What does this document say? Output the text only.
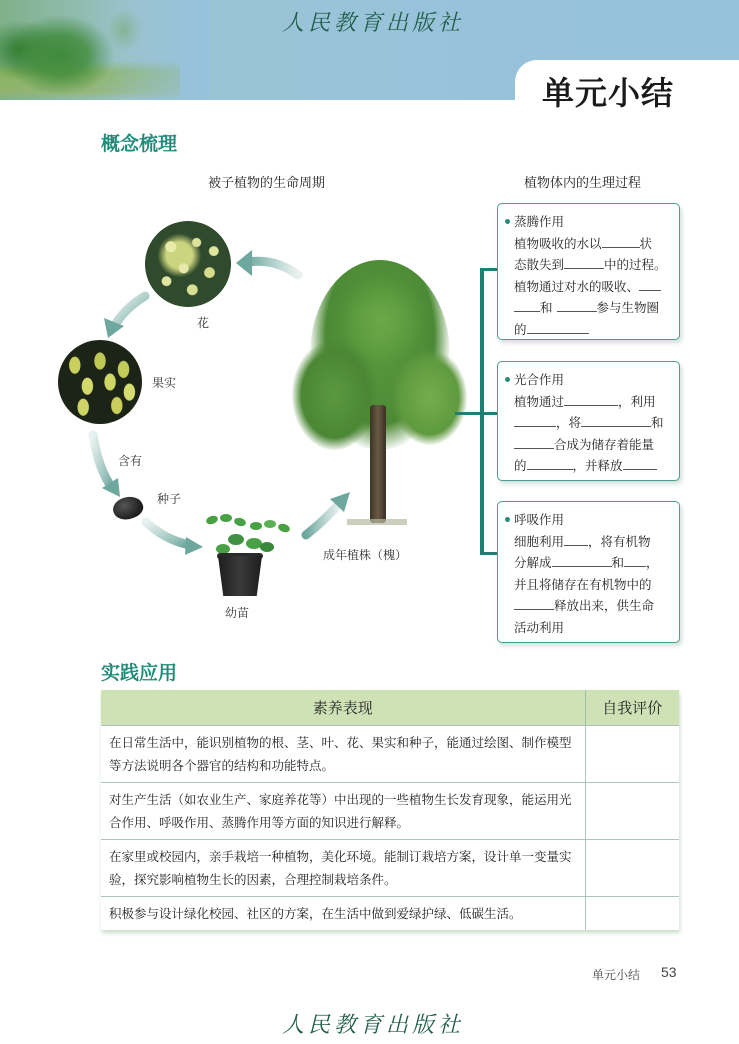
人民教育出版社
单元小结
概念梳理
被子植物的生命周期	植物体内的生理过程
花
果实
含有
种子
幼苗
成年植株（槐）
蒸腾作用
植物吸收的水以	状
态散失到	中的过程。
植物通过对水的吸收、
和	参与生物圈
的
光合作用
植物通过	，利用
，将	和
合成为储存着能量
的	，并释放
呼吸作用
细胞利用 ，将有机物
分解成	和 ，
并且将储存在有机物中的
释放出来，供生命
活动利用
实践应用
素养表现	自我评价
在日常生活中，能识别植物的根、茎、叶、花、果实和种子，能通过绘图、制作模型等方法说明各个器官的结构和功能特点。	
对生产生活（如农业生产、家庭养花等）中出现的一些植物生长发育现象，能运用光合作用、呼吸作用、蒸腾作用等方面的知识进行解释。	
在家里或校园内，亲手栽培一种植物，美化环境。能制订栽培方案，设计单一变量实验，探究影响植物生长的因素，合理控制栽培条件。	
积极参与设计绿化校园、社区的方案，在生活中做到爱绿护绿、低碳生活。	
单元小结 53
人民教育出版社
